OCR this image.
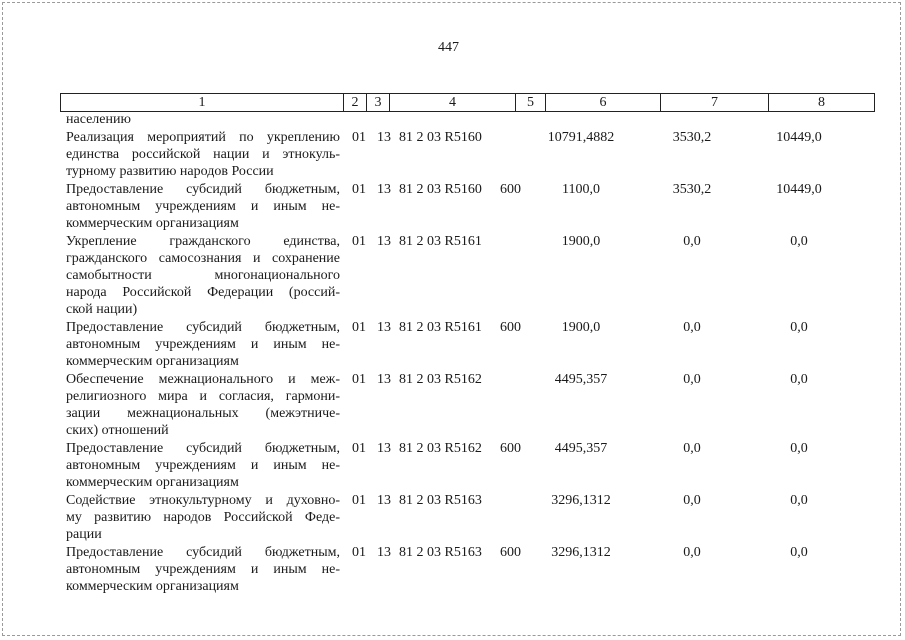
447
1	2	3	4	5	6	7	8
населению
Реализация мероприятий по укреплению
единства российской нации и этнокуль-
турному развитию народов России
01 13 81 2 03 R5160	10791,4882	3530,2	10449,0
Предоставление субсидий бюджетным,
автономным учреждениям и иным не-
коммерческим организациям
01 13 81 2 03 R5160 600	1100,0	3530,2	10449,0
Укрепление гражданского единства,
гражданского самосознания и сохранение
самобытности многонационального
народа Российской Федерации (россий-
ской нации)
01 13 81 2 03 R5161	1900,0	0,0	0,0
Предоставление субсидий бюджетным,
автономным учреждениям и иным не-
коммерческим организациям
01 13 81 2 03 R5161 600	1900,0	0,0	0,0
Обеспечение межнационального и меж-
религиозного мира и согласия, гармони-
зации межнациональных (межэтниче-
ских) отношений
01 13 81 2 03 R5162	4495,357	0,0	0,0
Предоставление субсидий бюджетным,
автономным учреждениям и иным не-
коммерческим организациям
01 13 81 2 03 R5162 600	4495,357	0,0	0,0
Содействие этнокультурному и духовно-
му развитию народов Российской Феде-
рации
01 13 81 2 03 R5163	3296,1312	0,0	0,0
Предоставление субсидий бюджетным,
автономным учреждениям и иным не-
коммерческим организациям
01 13 81 2 03 R5163 600	3296,1312	0,0	0,0
